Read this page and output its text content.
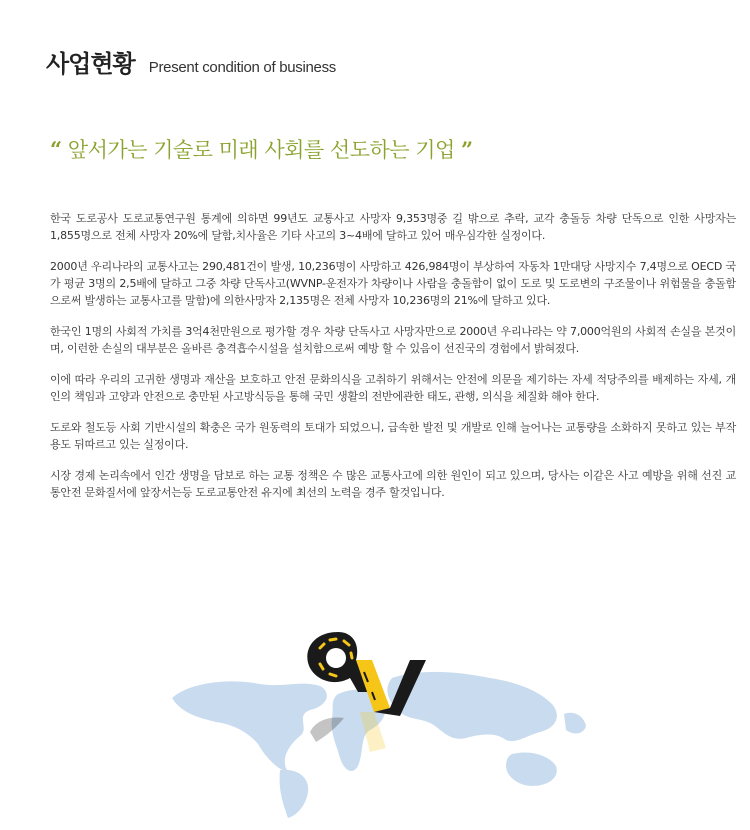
사업현황 Present condition of business
“ 앞서가는 기술로 미래 사회를 선도하는 기업 ”

한국 도로공사 도로교통연구원 통계에 의하면 99년도 교통사고 사망자 9,353명중 길 밖으로 추락, 교각 충돌등 차량 단독으로 인한 사망자는 1,855명으로 전체 사망자 20%에 달함,치사율은 기타 사고의 3~4배에 달하고 있어 매우심각한 실정이다.

2000년 우리나라의 교통사고는 290,481건이 발생, 10,236명이 사망하고 426,984명이 부상하여 자동차 1만대당 사망지수 7,4명으로 OECD 국가 평균 3명의 2,5배에 달하고 그중 차량 단독사고(WVNP-운전자가 차량이나 사람을 충돌함이 없이 도로 및 도로변의 구조물이나 위험물을 충돌함으로써 발생하는 교통사고를 말함)에 의한사망자 2,135명은 전체 사망자 10,236명의 21%에 달하고 있다.

한국인 1명의 사회적 가치를 3억4천만원으로 평가할 경우 차량 단독사고 사망자만으로 2000년 우리나라는 약 7,000억원의 사회적 손실을 본것이며, 이런한 손실의 대부분은 올바른 충격흡수시설을 설치함으로써 예방 할 수 있음이 선진국의 경험에서 밝혀졌다.

이에 따라 우리의 고귀한 생명과 재산을 보호하고 안전 문화의식을 고취하기 위해서는 안전에 의문을 제기하는 자세 적당주의를 배제하는 자세, 개인의 책임과 고양과 안전으로 충만된 사고방식등을 통해 국민 생활의 전반에관한 태도, 관행, 의식을 체질화 해야 한다.

도로와 철도등 사회 기반시설의 확충은 국가 원동력의 토대가 되었으니, 급속한 발전 및 개발로 인해 늘어나는 교통량을 소화하지 못하고 있는 부작용도 뒤따르고 있는 실정이다.

시장 경제 논리속에서 인간 생명을 담보로 하는 교통 정책은 수 많은 교통사고에 의한 원인이 되고 있으며, 당사는 이같은 사고 예방을 위해 선진 교통안전 문화질서에 앞장서는등 도로교통안전 유지에 최선의 노력을 경주 할것입니다.
